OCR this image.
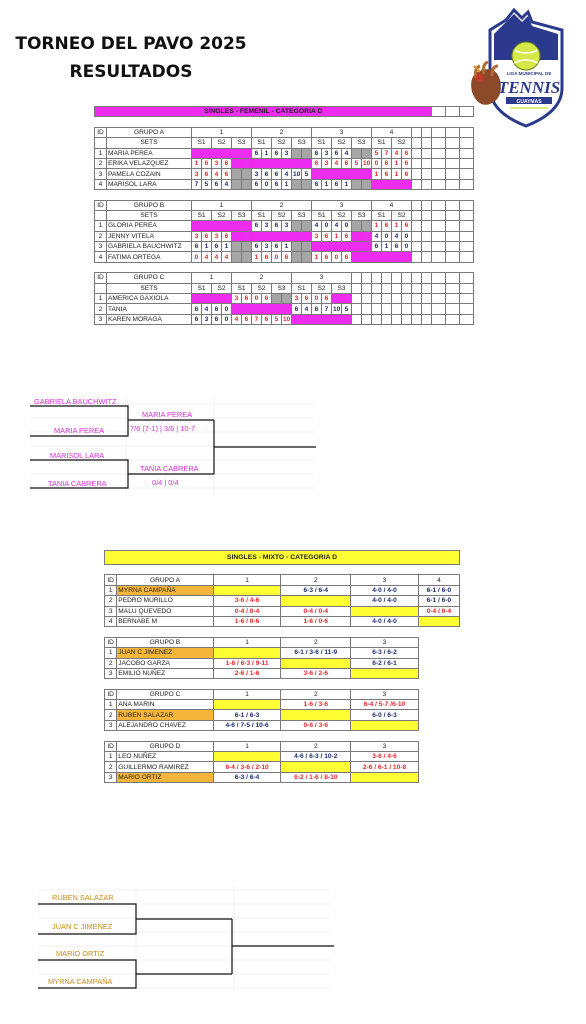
TORNEO DEL PAVO 2025
RESULTADOS	LIGA MUNICIPAL DE
TENNIS
GUAYMAS
SINGLES - FEMENIL - CATEGORIA D																												

ID	GRUPO A	1						2						3						4								
	SETS	S1		S2		S3		S1		S2		S3		S1		S2		S3		S1		S2						
1	MARIA PEREA							6	1	6	3			6	3	6	4			5	7	4	6					
2	ERIKA VELAZQUEZ	1	6	3	6									6	3	4	6	5	10	0	6	1	6					
3	PAMELA COZAIN	3	6	4	6			3	6	6	4	10	5							1	6	1	6					
4	MARISOL LARA	7	5	6	4			6	0	6	1			6	1	6	1											

ID	GRUPO B	1						2						3						4								
	SETS	S1		S2		S3		S1		S2		S3		S1		S2		S3		S1		S2						
1	GLORIA PEREA							6	3	6	3			4	0	4	0			1	6	1	6					
2	JENNY VITELA	3	6	3	6									3	6	1	6			4	0	4	0					
3	GABRIELA BAUCHWITZ	6	1	6	1			6	3	6	1									6	1	6	0					
4	FATIMA ORTEGA	0	4	4	4			1	6	0	6			1	6	0	6											

ID	GRUPO C	1				2						3																
	SETS	S1		S2		S1		S2		S3		S1		S2		S3												
1	AMERICA GAXIOLA					3	6	0	6			3	6	0	6													
2	TANIA	6	4	6	0							6	4	6	7	10	5											
3	KAREN MORAGA	6	3	6	0	4	6	7	6	5	10																	

GABRIELA BAUCHWITZ
MARIA PEREA
MARIA PEREA
7/6 (7-1) | 3/6 | 10-7
MARISOL LARA
TANIA CABRERA
0/4 | 0/4
TANIA CABRERA
SINGLES - MIXTO - CATEGORIA D					

ID	GRUPO A	1	2	3	4
1	MYRNA CAMPAÑA		6-3 / 6-4	4-0 / 4-0	6-1 / 6-0
2	PEDRO MURILLO	3-6 / 4-6		4-0 / 4-0	6-1 / 6-0
3	MALU QUEVEDO	0-4 / 0-4	0-4 / 0-4		0-4 / 0-4
4	BERNABE M	1-6 / 0-6	1-6 / 0-6	4-0 / 4-0	

ID	GRUPO B	1	2	3	
1	JUAN C JIMENEZ		6-1 / 3-6 / 11-9	6-3 / 6-2	
2	JACOBO GARZA	1-6 / 6-3 / 9-11		6-2 / 6-1	
3	EMILIO NUÑEZ	2-6 / 1-6	3-6 / 2-6		

ID	GRUPO C	1	2	3	
1	ANA MARIN		1-6 / 3-6	6-4 / 5-7 /6-10	
2	RUBEN SALAZAR	6-1 / 6-3		6-0 / 6-3	
3	ALEJANDRO CHAVEZ	4-6 / 7-5 / 10-6	0-6 / 3-6		

ID	GRUPO D	1	2	3	
1	LEO NUÑEZ		4-6 / 6-3 / 10-2	3-6 / 4-6	
2	GUILLERMO RAMIREZ	6-4 / 3-6 / 2-10		2-6 / 6-1 / 10-8	
3	MARIO ORTIZ	6-3 / 6-4	6-2 / 1-6 / 8-10		

RUBEN SALAZAR
JUAN C JIMENEZ
MARIO ORTIZ
MYRNA CAMPAÑA
